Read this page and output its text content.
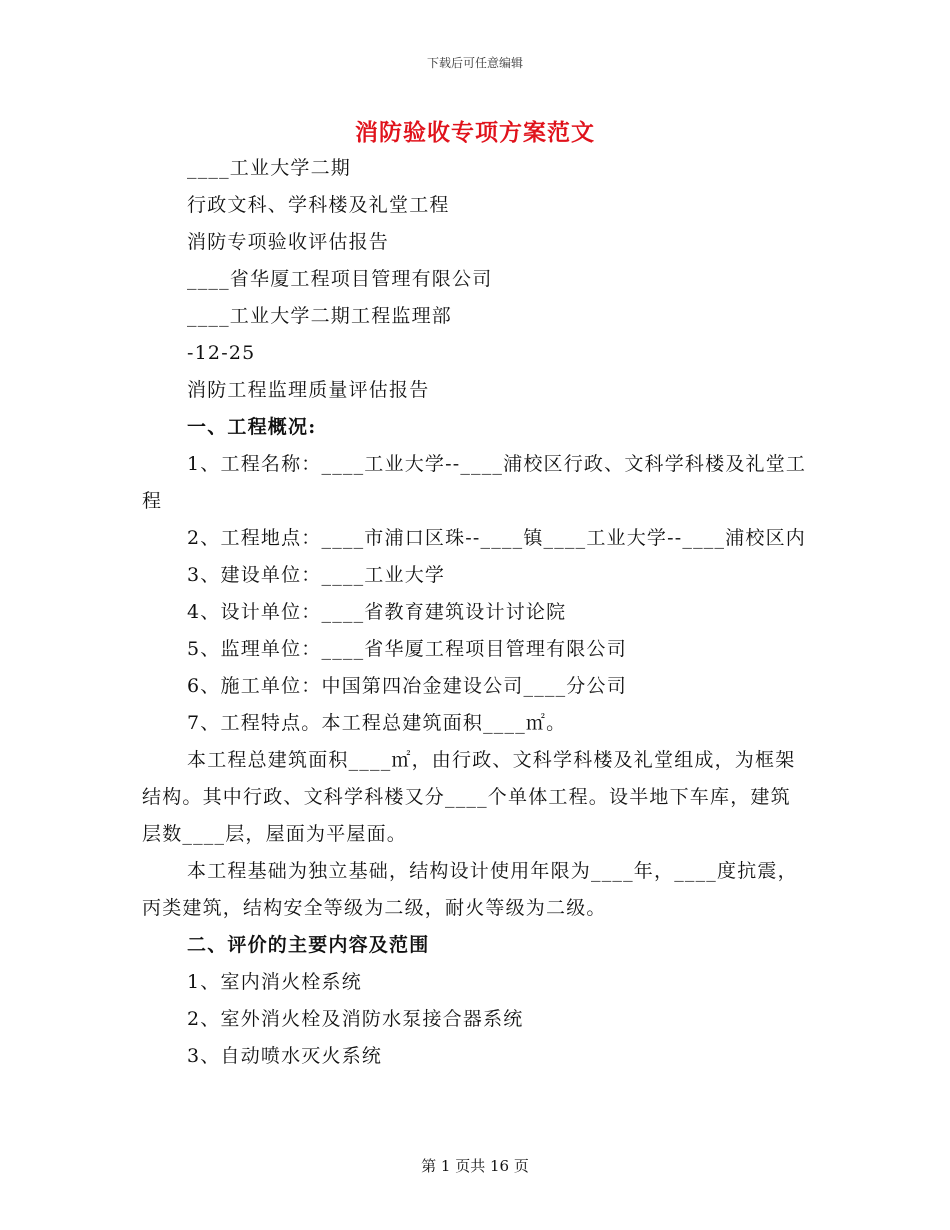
下载后可任意编辑
消防验收专项方案范文

____工业大学二期

行政文科、学科楼及礼堂工程

消防专项验收评估报告

____省华厦工程项目管理有限公司

____工业大学二期工程监理部

-12-25

消防工程监理质量评估报告

一、工程概况:

1、工程名称：____工业大学--____浦校区行政、文科学科楼及礼堂工程

2、工程地点：____市浦口区珠--____镇____工业大学--____浦校区内

3、建设单位：____工业大学

4、设计单位：____省教育建筑设计讨论院

5、监理单位：____省华厦工程项目管理有限公司

6、施工单位：中国第四冶金建设公司____分公司

7、工程特点。本工程总建筑面积____㎡。

本工程总建筑面积____㎡，由行政、文科学科楼及礼堂组成，为框架结构。其中行政、文科学科楼又分____个单体工程。设半地下车库，建筑层数____层，屋面为平屋面。

本工程基础为独立基础，结构设计使用年限为____年，____度抗震，丙类建筑，结构安全等级为二级，耐火等级为二级。

二、评价的主要内容及范围

1、室内消火栓系统

2、室外消火栓及消防水泵接合器系统

3、自动喷水灭火系统

第 1 页共 16 页
